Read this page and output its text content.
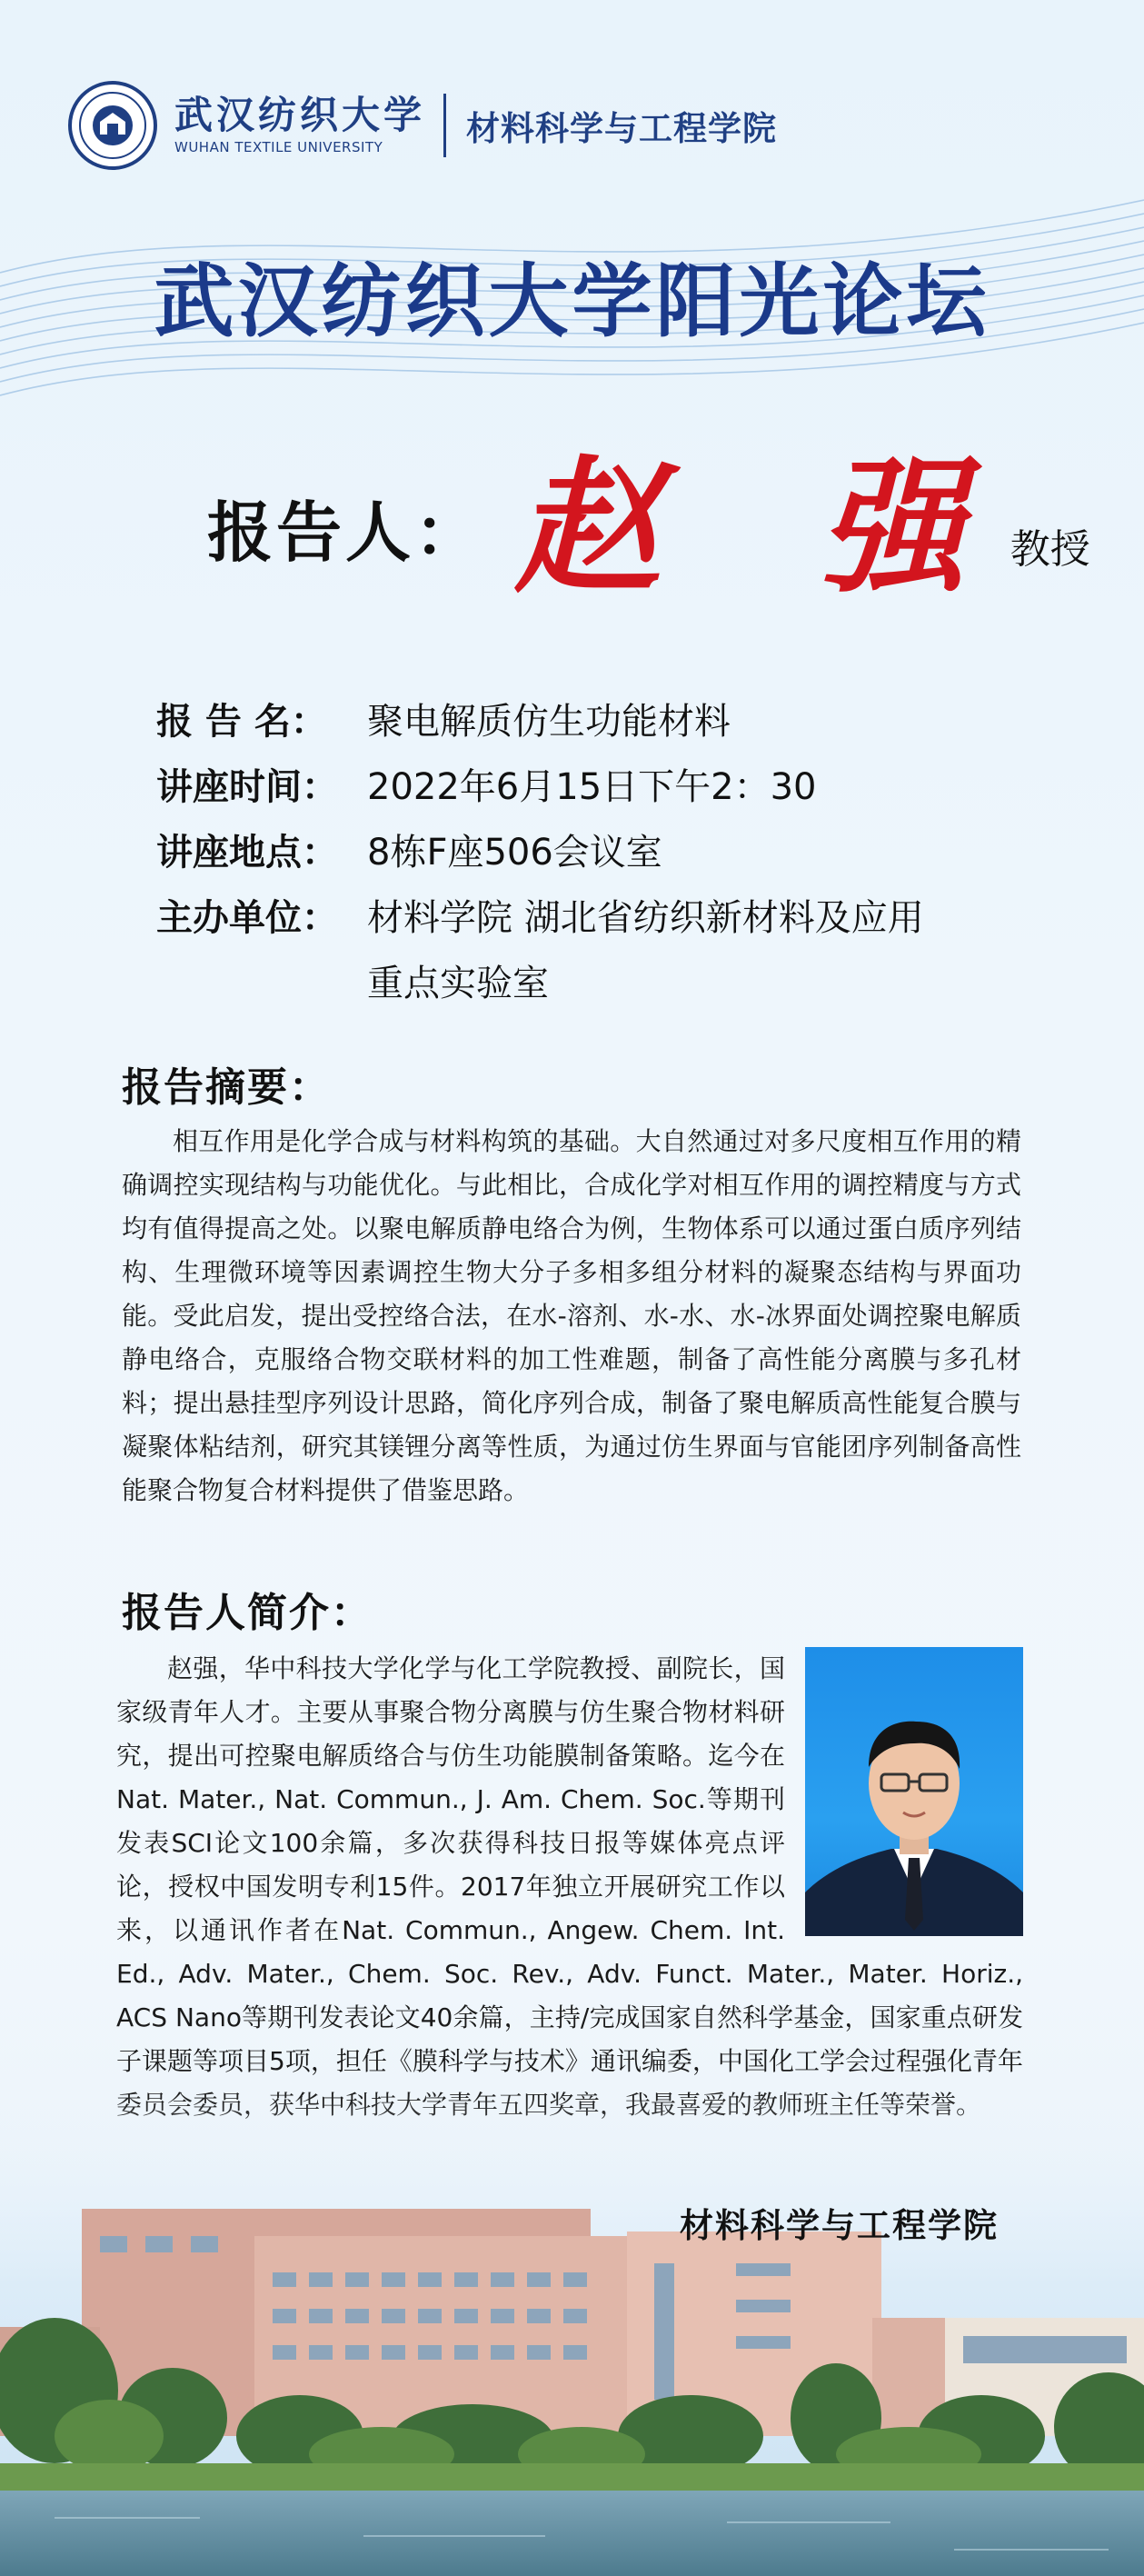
武汉纺织大学
WUHAN TEXTILE UNIVERSITY	材料科学与工程学院
武汉纺织大学阳光论坛
报告人： 赵 强
教授
报 告 名：	聚电解质仿生功能材料
讲座时间： 2022年6月15日下午2：30
讲座地点： 8栋F座506会议室
主办单位： 材料学院 湖北省纺织新材料及应用重点实验室
报告摘要：
相互作用是化学合成与材料构筑的基础。大自然通过对多尺度相互作用的精确调控实现结构与功能优化。与此相比，合成化学对相互作用的调控精度与方式均有值得提高之处。以聚电解质静电络合为例，生物体系可以通过蛋白质序列结构、生理微环境等因素调控生物大分子多相多组分材料的凝聚态结构与界面功能。受此启发，提出受控络合法，在水-溶剂、水-水、水-冰界面处调控聚电解质静电络合，克服络合物交联材料的加工性难题，制备了高性能分离膜与多孔材料；提出悬挂型序列设计思路，简化序列合成，制备了聚电解质高性能复合膜与凝聚体粘结剂，研究其镁锂分离等性质，为通过仿生界面与官能团序列制备高性能聚合物复合材料提供了借鉴思路。
报告人简介：
赵强，华中科技大学化学与化工学院教授、副院长，国家级青年人才。主要从事聚合物分离膜与仿生聚合物材料研究，提出可控聚电解质络合与仿生功能膜制备策略。迄今在Nat. Mater., Nat. Commun., J. Am. Chem. Soc.等期刊发表SCI论文100余篇，多次获得科技日报等媒体亮点评论，授权中国发明专利15件。2017年独立开展研究工作以来，以通讯作者在Nat. Commun., Angew. Chem. Int. Ed., Adv. Mater., Chem. Soc. Rev., Adv. Funct. Mater., Mater. Horiz., ACS Nano等期刊发表论文40余篇，主持/完成国家自然科学基金，国家重点研发子课题等项目5项，担任《膜科学与技术》通讯编委，中国化工学会过程强化青年
材料科学与工程学院
